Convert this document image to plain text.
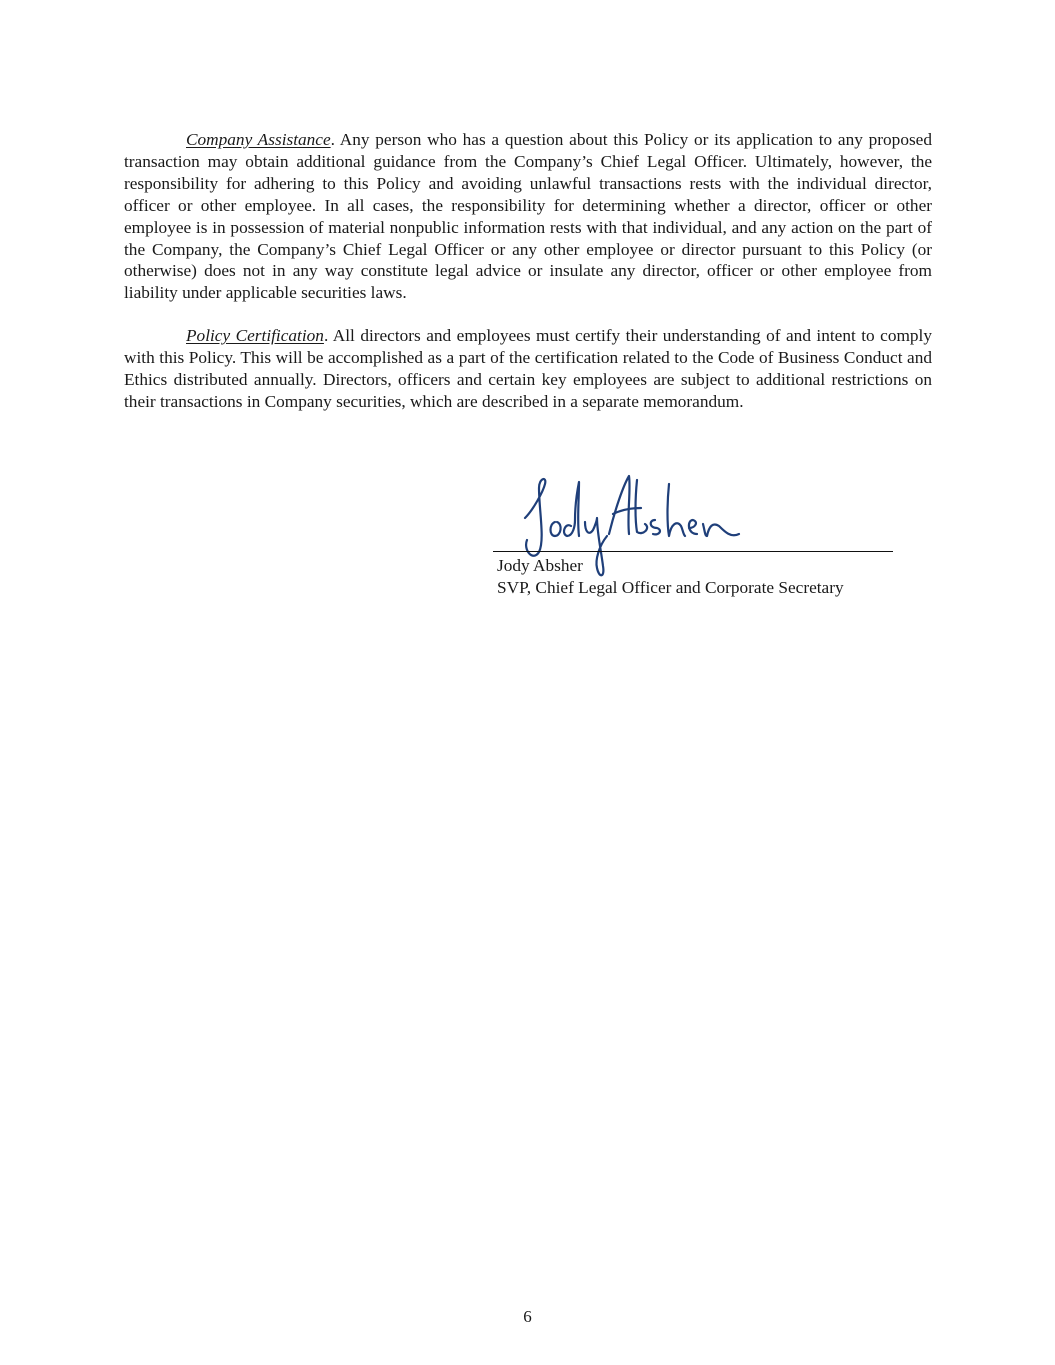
Company Assistance. Any person who has a question about this Policy or its application to any proposed transaction may obtain additional guidance from the Company’s Chief Legal Officer. Ultimately, however, the responsibility for adhering to this Policy and avoiding unlawful transactions rests with the individual director, officer or other employee. In all cases, the responsibility for determining whether a director, officer or other employee is in possession of material nonpublic information rests with that individual, and any action on the part of the Company, the Company’s Chief Legal Officer or any other employee or director pursuant to this Policy (or otherwise) does not in any way constitute legal advice or insulate any director, officer or other employee from liability under applicable securities laws.

Policy Certification. All directors and employees must certify their understanding of and intent to comply with this Policy. This will be accomplished as a part of the certification related to the Code of Business Conduct and Ethics distributed annually. Directors, officers and certain key employees are subject to additional restrictions on their transactions in Company securities, which are described in a separate memorandum.

Jody Absher
SVP, Chief Legal Officer and Corporate Secretary
6
